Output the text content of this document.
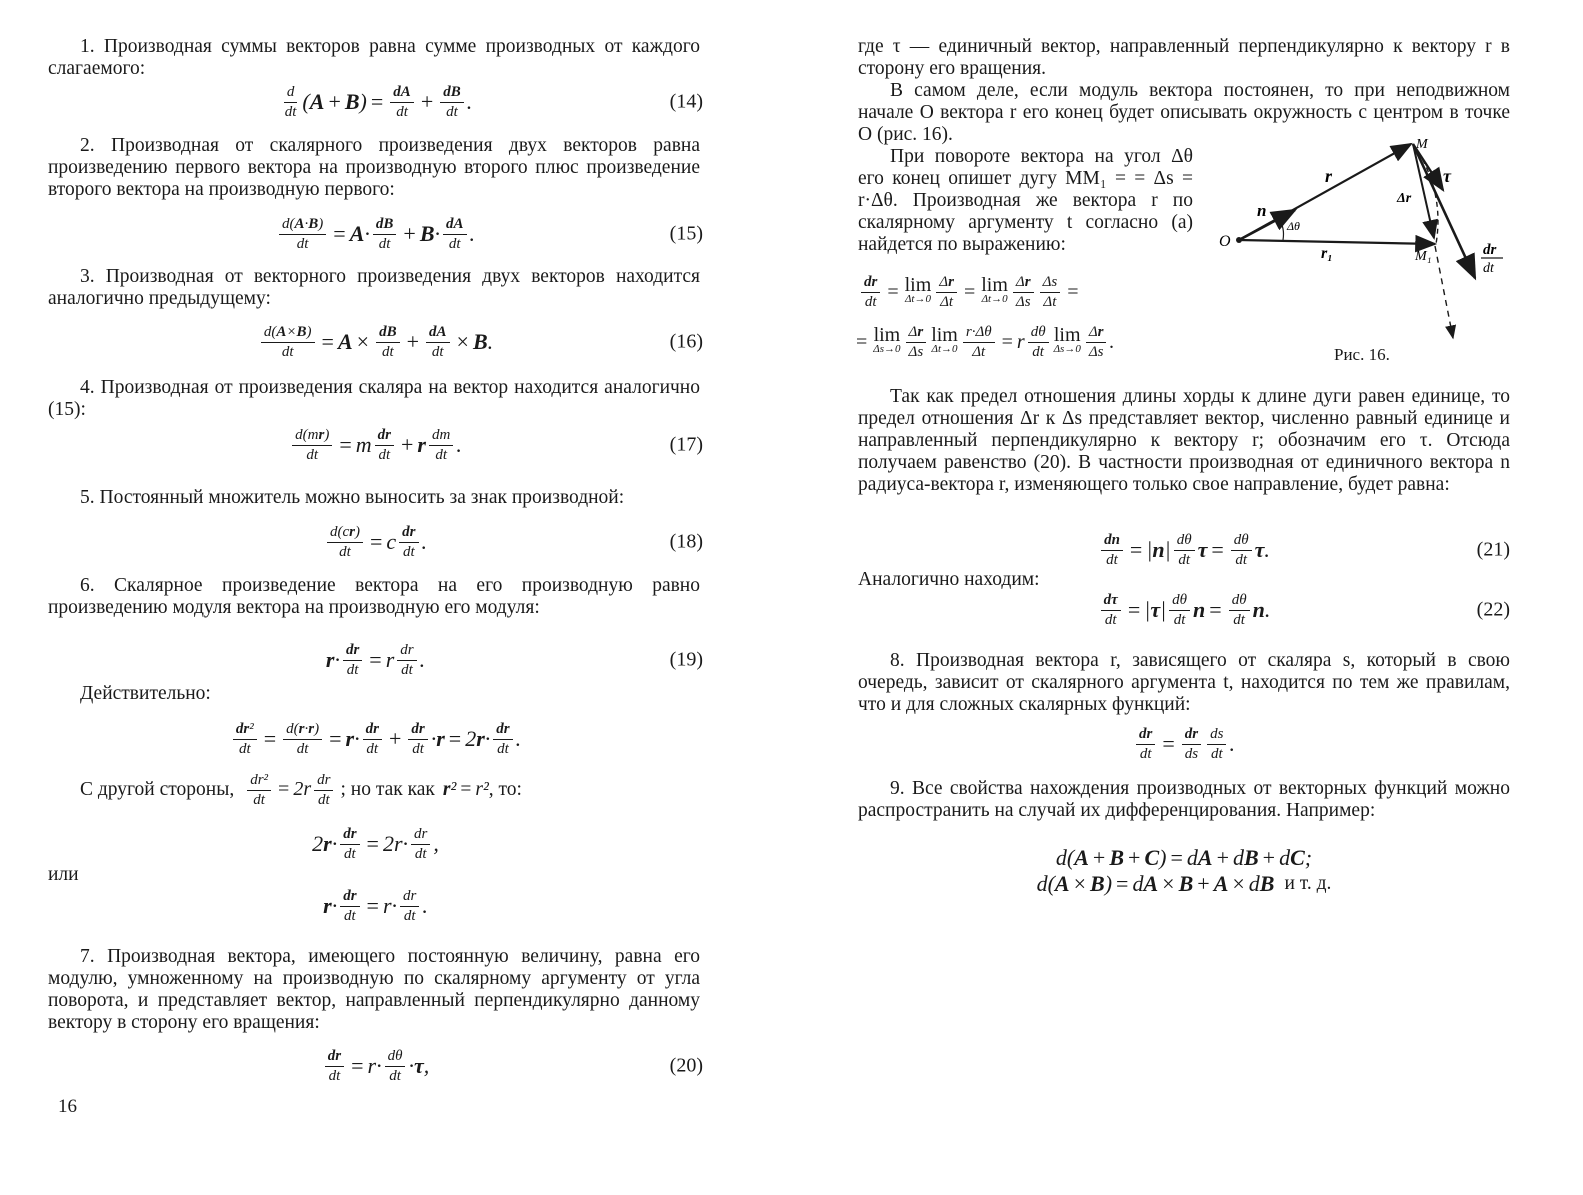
1. Производная суммы векторов равна сумме производных от каждого слагаемого:

$\frac{d}{dt}$ ( A + B ) = $\frac{dA}{dt} + \frac{dB}{dt}$ .	(14)

2. Производная от скалярного произведения двух векторов равна произведению первого вектора на производную второго плюс произведение второго вектора на производную первого:

$\frac{d(A\cdot B)}{dt} = A \cdot \frac{dB}{dt} + B \cdot \frac{dA}{dt}$ .	(15)

3. Производная от векторного произведения двух векторов находится аналогично предыдущему:

$\frac{d(A\times B)}{dt} = A \times \frac{dB}{dt} + \frac{dA}{dt} \times B$ .	(16)

4. Производная от произведения скаляра на вектор находится аналогично (15):

$\frac{d(mr)}{dt} = m \frac{dr}{dt} + r \frac{dm}{dt}$ .	(17)

5. Постоянный множитель можно выносить за знак производной:

$\frac{d(cr)}{dt} = c \frac{dr}{dt}$ .	(18)

6. Скалярное произведение вектора на его производную равно произведению модуля вектора на производную его модуля:

$r \cdot \frac{dr}{dt} = r \frac{dr}{dt}$ .	(19)

Действительно:

$\frac{\text{dr²}}{dt} = \frac{d(r\cdot r)}{dt} = r \cdot \frac{dr}{dt} + \frac{dr}{dt} \cdot r = 2$ $r \cdot \frac{dr}{dt}$ .
С другой стороны, $\frac{\text{dr²}}{dt} = 2r \frac{dr}{dt}$ ; но так как r² = r² , то:
2 $r \cdot \frac{dr}{dt} = 2r\cdot \frac{dr}{dt}$ ,

или

$r \cdot \frac{dr}{dt} = r\cdot \frac{dr}{dt}$ .

7. Производная вектора, имеющего постоянную величину, равна его модулю, умноженному на производную по скалярному аргументу от угла поворота, и представляет вектор, направленный перпендикулярно данному вектору в сторону его вращения:

$\frac{dr}{dt} = r\cdot \frac{d\theta}{dt} \cdot \tau$ ,	(20)
16

где τ — единичный вектор, направленный перпендикулярно к вектору r в сторону его вращения.

В самом деле, если модуль вектора постоянен, то при неподвижном начале O вектора r его конец будет описывать окружность с центром в точке O (рис. 16).

При повороте вектора на угол Δθ его конец опишет дугу MM₁ = = Δs = r·Δθ. Производная же вектора r по скалярному аргументу t согласно (а) найдется по выражению:	O
M
M₁
r
r₁
n
Δθ
Δr
τ
dr
dt
Рис. 16.
$\frac{dr}{dt} = \lim$
$\Delta t\to 0 \frac{\Delta r}{\Delta t} = \lim$
$\Delta t\to 0 \frac{\Delta r}{\Delta s} \frac{\Delta s}{\Delta t}$ =
= lim
$\Delta s\to 0 \frac{\Delta r}{\Delta s}$ lim
$\Delta t\to 0 \frac{r\cdot\Delta\theta}{\Delta t} = r \frac{d\theta}{dt}$ lim
$\Delta s\to 0 \frac{\Delta r}{\Delta s}$ .

Так как предел отношения длины хорды к длине дуги равен единице, то предел отношения Δr к Δs представляет вектор, численно равный единице и направленный перпендикулярно к вектору r; обозначим его τ. Отсюда получаем равенство (20). В частности производная от единичного вектора n радиуса-вектора r, изменяющего только свое направление, будет равна:

$\frac{dn}{dt}$ = | n | $\frac{d\theta}{dt}$ $\tau = \frac{d\theta}{dt}$ τ .	(21)

Аналогично находим:

$\frac{d\tau}{dt}$ = | τ | $\frac{d\theta}{dt}$ $n = \frac{d\theta}{dt}$ n .	(22)

8. Производная вектора r, зависящего от скаляра s, который в свою очередь, зависит от скалярного аргумента t, находится по тем же правилам, что и для сложных скалярных функций:

$\frac{dr}{dt} = \frac{dr}{ds} \frac{ds}{dt}$ .

9. Все свойства нахождения производных от векторных функций можно распространить на случай их дифференцирования. Например:

d( A + B + C ) = d A + d B + d C ;
d( A × B ) = d A × B + A × d B и т. д.
